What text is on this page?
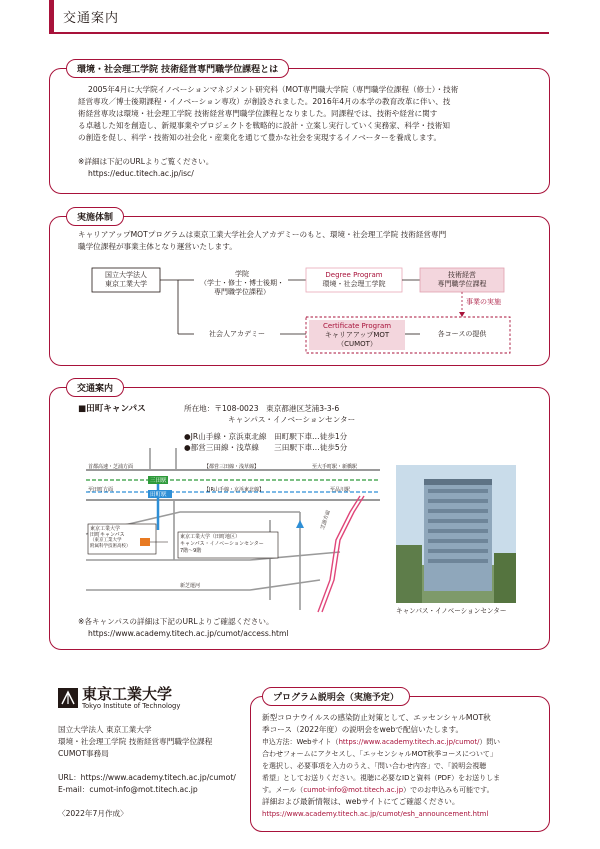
交通案内
環境・社会理工学院 技術経営専門職学位課程とは
2005年4月に大学院イノベーションマネジメント研究科（MOT専門職大学院（専門職学位課程（修士）・技術
経営専攻／博士後期課程・イノベーション専攻）が創設されました。2016年4月の本学の教育改革に伴い、技
術経営専攻は環境・社会理工学院 技術経営専門職学位課程となりました。同課程では、技術や経営に関す
る卓越した知を創造し、新規事業やプロジェクトを戦略的に設計・立案し実行していく実務家、科学・技術知
の創造を促し、科学・技術知の社会化・産業化を通じて豊かな社会を実現するイノベーターを養成します。
※詳細は下記のURLよりご覧ください。
https://educ.titech.ac.jp/isc/
実施体制
キャリアアップMOTプログラムは東京工業大学社会人アカデミーのもと、環境・社会理工学院 技術経営専門
職学位課程が事業主体となり運営いたします。
国立大学法人
東京工業大学
学院
（学士・修士・博士後期・
専門職学位課程）
社会人アカデミー
Degree Program
環境・社会理工学院
技術経営
専門職学位課程
事業の実施
Certificate Program
キャリアアップMOT
（CUMOT）
各コースの提供
交通案内
■田町キャンパス	所在地：〒108-0023　東京都港区芝浦3-3-6
キャンパス・イノベーションセンター
●JR山手線・京浜東北線　田町駅下車…徒歩1分
●都営三田線・浅草線　　三田駅下車…徒歩5分
首都高速・芝浦方面	【都営三田線・浅草線】	至大手町駅・新橋駅
至田町方面	【JR山手線・京浜東北線】	至品川駅
三田駅
田町駅
東京工業大学
田町キャンパス
（東京工業大学
附属科学技術高校）
東京工業大学（田町地区）
キャンパス・イノベーションセンター
7階～9階
新芝運河
芝浦方面
キャンパス・イノベーションセンター
※各キャンパスの詳細は下記のURLよりご確認ください。
https://www.academy.titech.ac.jp/cumot/access.html
東京工業大学
Tokyo Institute of Technology
国立大学法人 東京工業大学
環境・社会理工学院 技術経営専門職学位課程
CUMOT事務局
URL：https://www.academy.titech.ac.jp/cumot/
E-mail：cumot-info@mot.titech.ac.jp
〈2022年7月作成〉
プログラム説明会（実施予定）
新型コロナウイルスの感染防止対策として、エッセンシャルMOT秋
季コース（2022年度）の説明会をwebで配信いたします。
申込方法：Webサイト（https://www.academy.titech.ac.jp/cumot/）問い
合わせフォームにアクセスし、「エッセンシャルMOT秋季コースについて」
を選択し、必要事項を入力のうえ、「問い合わせ内容」で、「説明会視聴
希望」としてお送りください。視聴に必要なIDと資料（PDF）をお送りしま
す。メール（cumot-info@mot.titech.ac.jp）でのお申込みも可能です。
詳細および最新情報は、webサイトにてご確認ください。
https://www.academy.titech.ac.jp/cumot/esh_announcement.html
